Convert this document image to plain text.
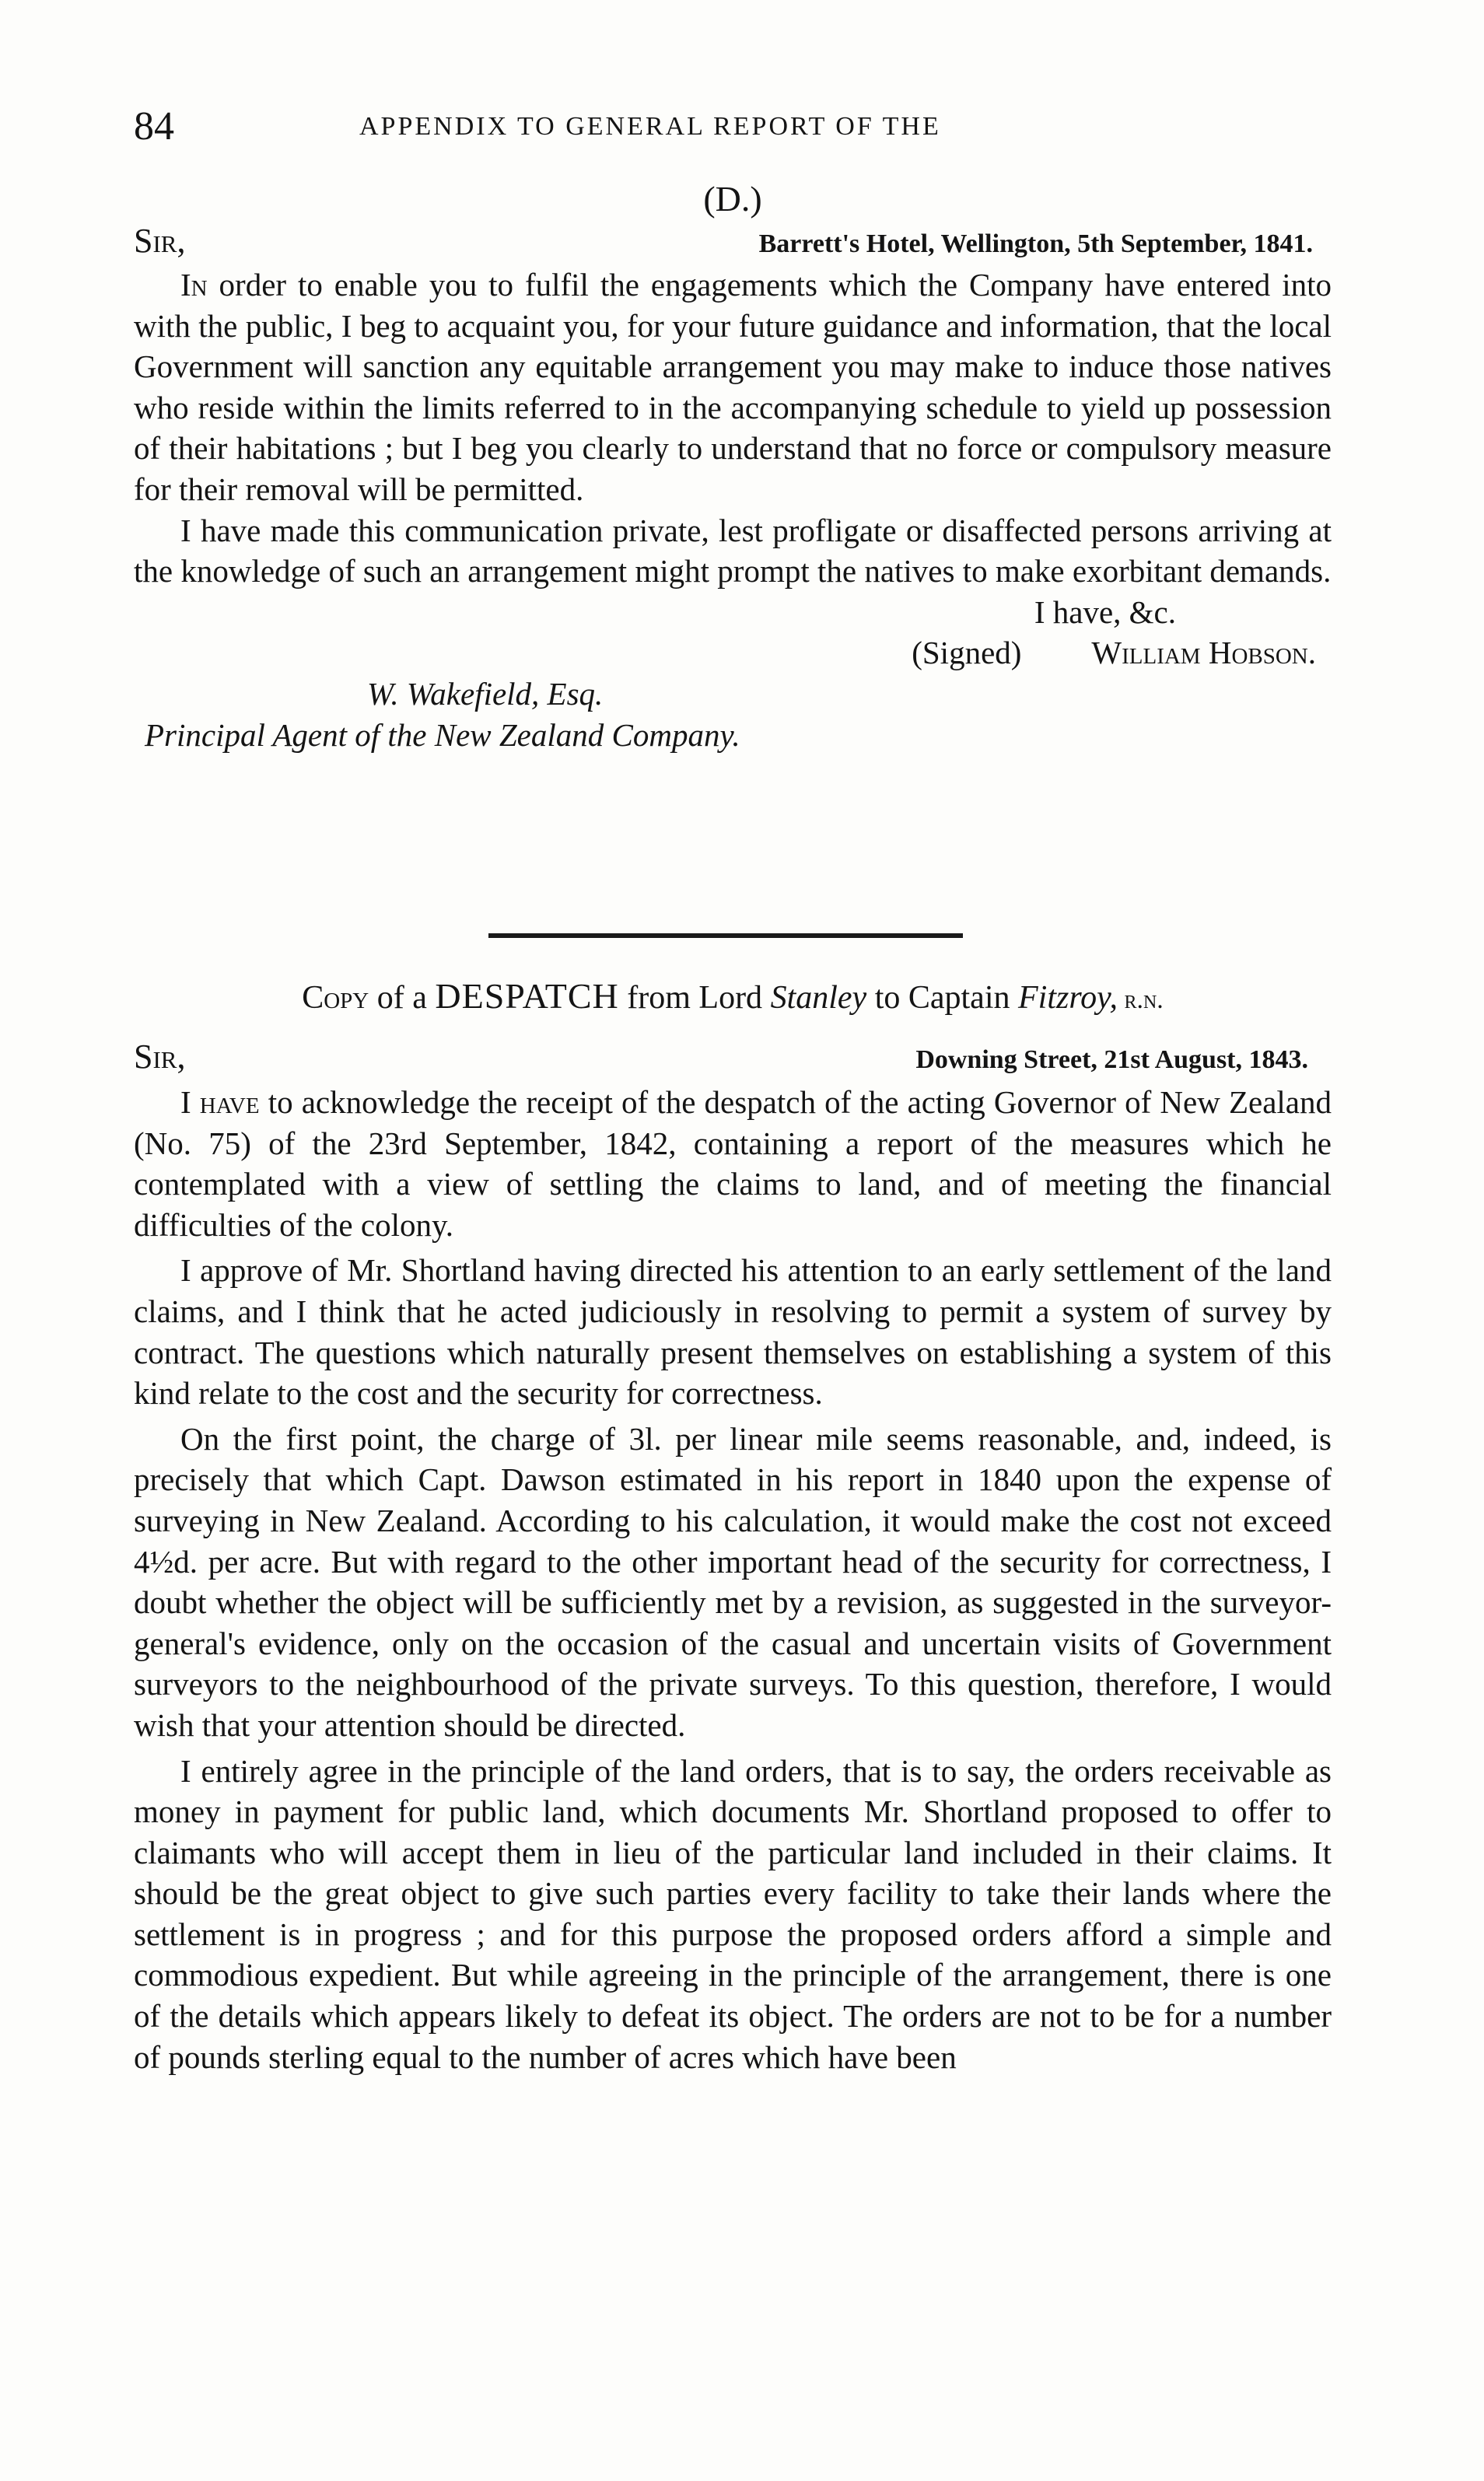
84	APPENDIX TO GENERAL REPORT OF THE
(D.)
Sir,	Barrett's Hotel, Wellington, 5th September, 1841.

In order to enable you to fulfil the engagements which the Company have entered into with the public, I beg to acquaint you, for your future guidance and information, that the local Government will sanction any equitable arrangement you may make to induce those natives who reside within the limits referred to in the accompanying schedule to yield up possession of their habitations ; but I beg you clearly to understand that no force or compulsory measure for their removal will be permitted.

I have made this communication private, lest profligate or disaffected persons arriving at the knowledge of such an arrangement might prompt the natives to make exorbitant demands.

I have, &c.
(Signed) William Hobson.
W. Wakefield, Esq.
Principal Agent of the New Zealand Company.
Copy of a DESPATCH from Lord Stanley to Captain Fitzroy, r.n.
Sir,	Downing Street, 21st August, 1843.

I have to acknowledge the receipt of the despatch of the acting Governor of New Zealand (No. 75) of the 23rd September, 1842, containing a report of the measures which he contemplated with a view of settling the claims to land, and of meeting the financial difficulties of the colony.

I approve of Mr. Shortland having directed his attention to an early settlement of the land claims, and I think that he acted judiciously in resolving to permit a system of survey by contract. The questions which naturally present themselves on establishing a system of this kind relate to the cost and the security for correctness.

On the first point, the charge of 3l. per linear mile seems reasonable, and, indeed, is precisely that which Capt. Dawson estimated in his report in 1840 upon the expense of surveying in New Zealand. According to his calculation, it would make the cost not exceed 4½d. per acre. But with regard to the other important head of the security for correctness, I doubt whether the object will be sufficiently met by a revision, as suggested in the surveyor-general's evidence, only on the occasion of the casual and uncertain visits of Government surveyors to the neighbourhood of the private surveys. To this question, therefore, I would wish that your attention should be directed.

I entirely agree in the principle of the land orders, that is to say, the orders receivable as money in payment for public land, which documents Mr. Shortland proposed to offer to claimants who will accept them in lieu of the particular land included in their claims. It should be the great object to give such parties every facility to take their lands where the settlement is in progress ; and for this purpose the proposed orders afford a simple and commodious expedient. But while agreeing in the principle of the arrangement, there is one of the details which appears likely to defeat its object. The orders are not to be for a number of pounds sterling equal to the number of acres which have been
